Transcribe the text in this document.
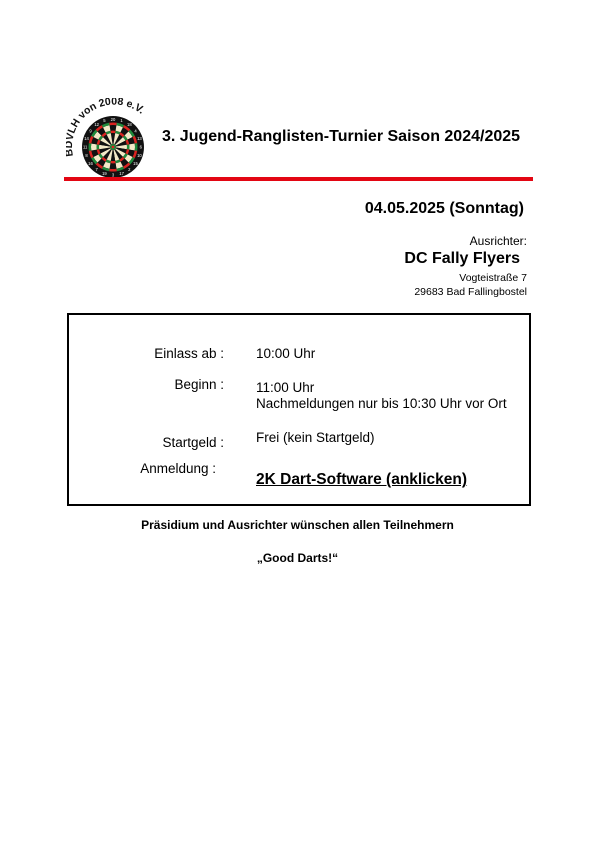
LH von 2008 e.V.
20 1
18
4
13
6
10
15
2
17
3
19
7
16
8
11
14
9
12
5
3. Jugend-Ranglisten-Turnier Saison 2024/2025
04.05.2025 (Sonntag)
Ausrichter:
DC Fally Flyers
Vogteistraße 7
29683 Bad Fallingbostel
Einlass ab : 10:00 Uhr
Beginn : 11:00 Uhr
Nachmeldungen nur bis 10:30 Uhr vor Ort
Startgeld : Frei (kein Startgeld)
Anmeldung :
2K Dart-Software (anklicken)
Präsidium und Ausrichter wünschen allen Teilnehmern
„Good Darts!“
